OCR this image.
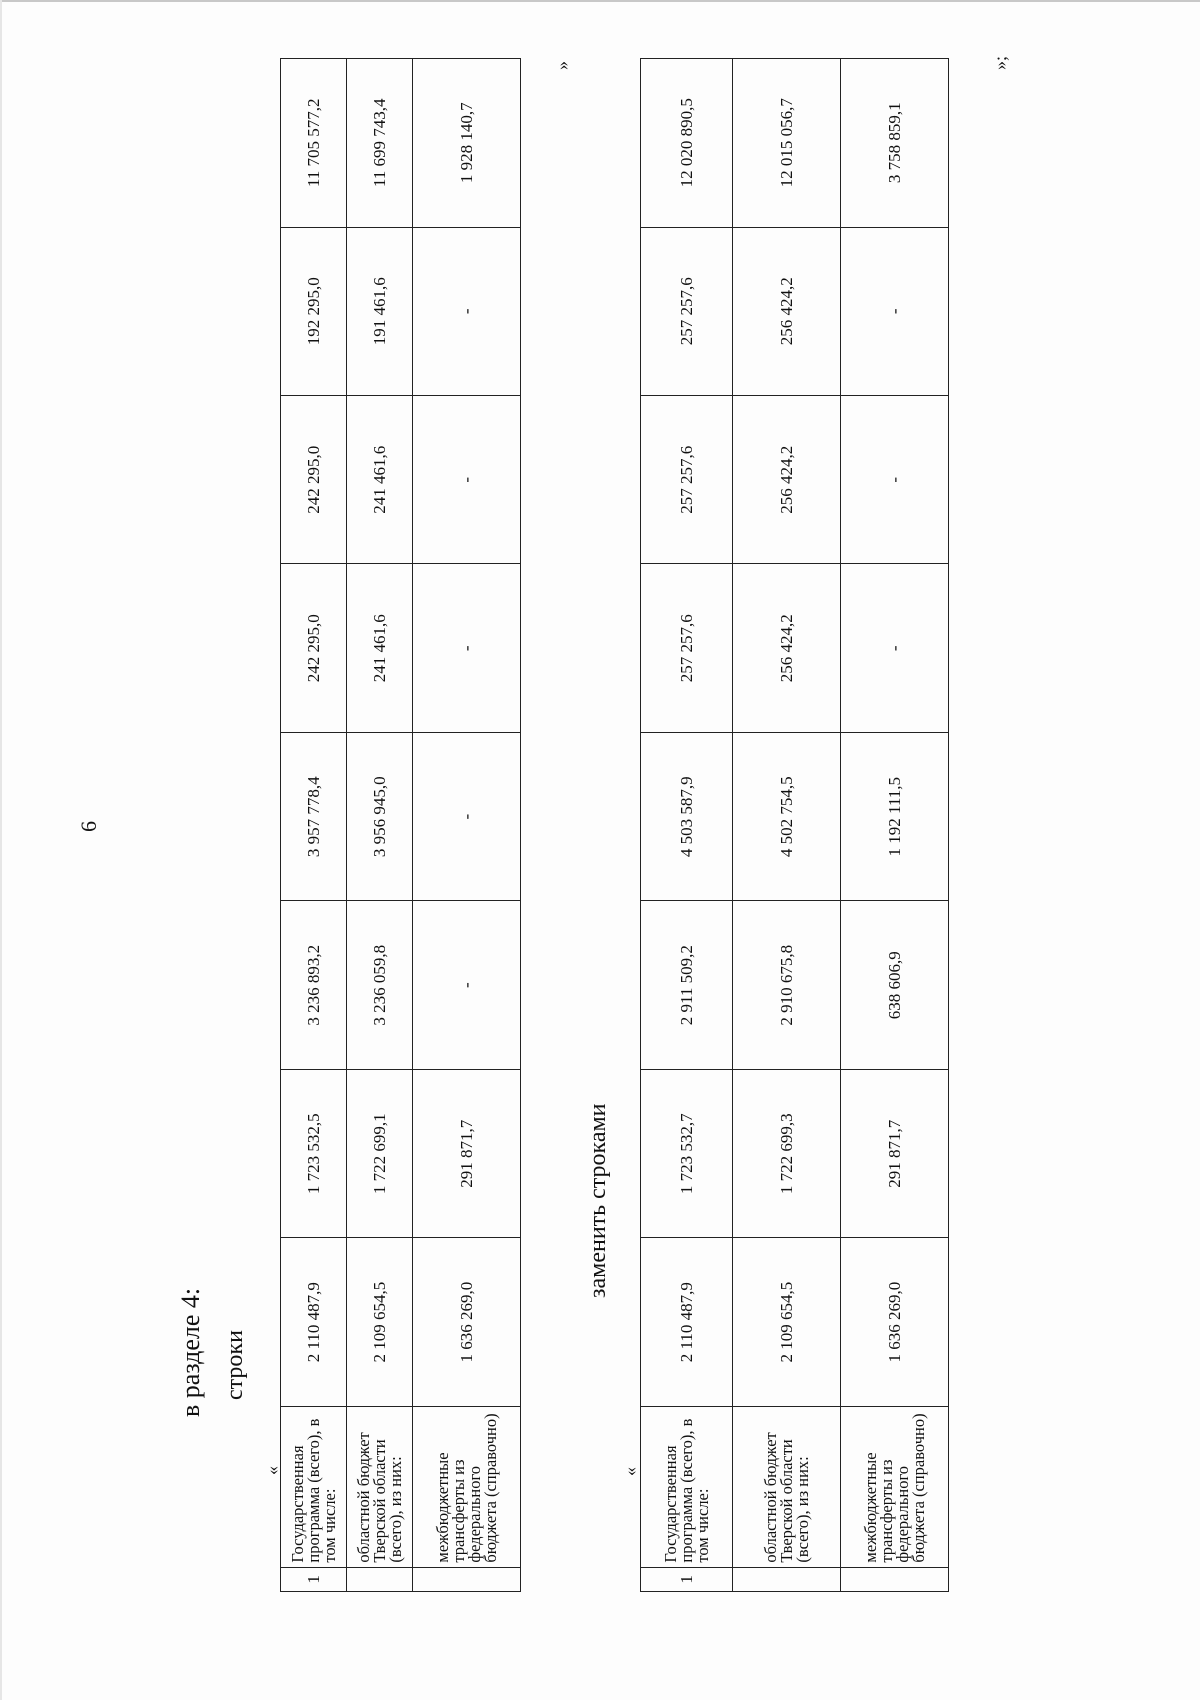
6
в разделе 4: строки
«
1	Государственная программа (всего), в том числе:	2 110 487,9	1 723 532,5	3 236 893,2	3 957 778,4	242 295,0	242 295,0	192 295,0	11 705 577,2
	областной бюджет Тверской области (всего), из них:	2 109 654,5	1 722 699,1	3 236 059,8	3 956 945,0	241 461,6	241 461,6	191 461,6	11 699 743,4
	межбюджетные трансферты из федерального бюджета (справочно)	1 636 269,0	291 871,7	-	-	-	-	-	1 928 140,7
»
заменить строками
«
1	Государственная программа (всего), в том числе:	2 110 487,9	1 723 532,7	2 911 509,2	4 503 587,9	257 257,6	257 257,6	257 257,6	12 020 890,5
	областной бюджет Тверской области (всего), из них:	2 109 654,5	1 722 699,3	2 910 675,8	4 502 754,5	256 424,2	256 424,2	256 424,2	12 015 056,7
	межбюджетные трансферты из федерального бюджета (справочно)	1 636 269,0	291 871,7	638 606,9	1 192 111,5	-	-	-	3 758 859,1
»;
